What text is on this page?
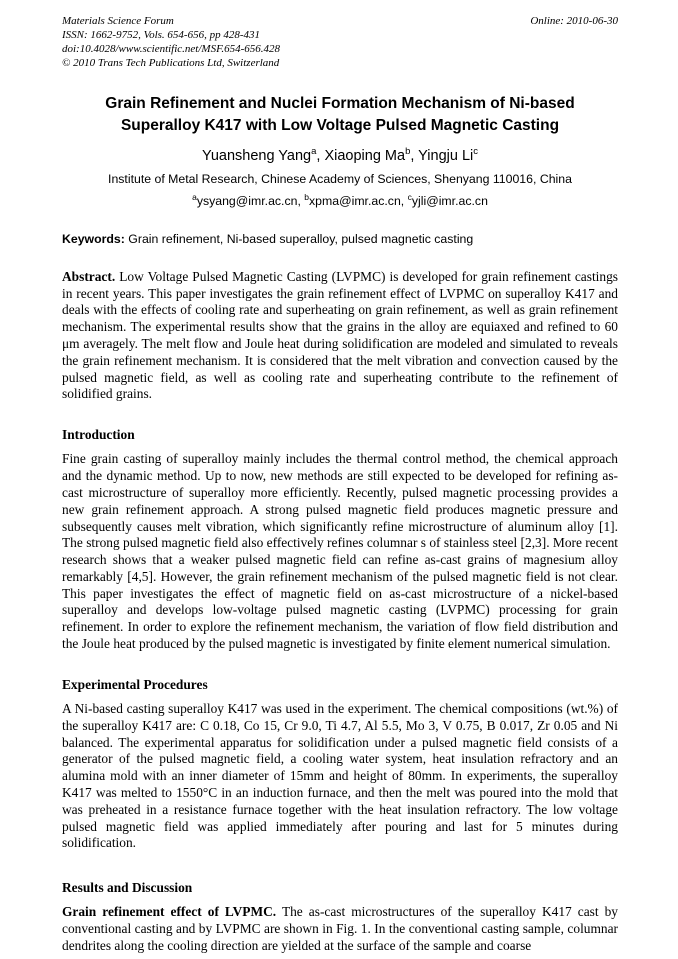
Materials Science Forum
ISSN: 1662-9752, Vols. 654-656, pp 428-431
doi:10.4028/www.scientific.net/MSF.654-656.428
© 2010 Trans Tech Publications Ltd, Switzerland
Online: 2010-06-30
Grain Refinement and Nuclei Formation Mechanism of Ni-based
Superalloy K417 with Low Voltage Pulsed Magnetic Casting
Yuansheng Yang$^a$, Xiaoping Ma$^b$, Yingju Li$^c$
Institute of Metal Research, Chinese Academy of Sciences, Shenyang 110016, China
$^a$ysyang@imr.ac.cn, $^b$xpma@imr.ac.cn, $^c$yjli@imr.ac.cn

Keywords: Grain refinement, Ni-based superalloy, pulsed magnetic casting

Abstract. Low Voltage Pulsed Magnetic Casting (LVPMC) is developed for grain refinement castings in recent years. This paper investigates the grain refinement effect of LVPMC on superalloy K417 and deals with the effects of cooling rate and superheating on grain refinement, as well as grain refinement mechanism. The experimental results show that the grains in the alloy are equiaxed and refined to 60 μm averagely. The melt flow and Joule heat during solidification are modeled and simulated to reveals the grain refinement mechanism. It is considered that the melt vibration and convection caused by the pulsed magnetic field, as well as cooling rate and superheating contribute to the refinement of solidified grains.

Introduction

Fine grain casting of superalloy mainly includes the thermal control method, the chemical approach and the dynamic method. Up to now, new methods are still expected to be developed for refining as-cast microstructure of superalloy more efficiently. Recently, pulsed magnetic processing provides a new grain refinement approach. A strong pulsed magnetic field produces magnetic pressure and subsequently causes melt vibration, which significantly refine microstructure of aluminum alloy [1]. The strong pulsed magnetic field also effectively refines columnar s of stainless steel [2,3]. More recent research shows that a weaker pulsed magnetic field can refine as-cast grains of magnesium alloy remarkably [4,5]. However, the grain refinement mechanism of the pulsed magnetic field is not clear. This paper investigates the effect of magnetic field on as-cast microstructure of a nickel-based superalloy and develops low-voltage pulsed magnetic casting (LVPMC) processing for grain refinement. In order to explore the refinement mechanism, the variation of flow field distribution and the Joule heat produced by the pulsed magnetic is investigated by finite element numerical simulation.

Experimental Procedures

A Ni-based casting superalloy K417 was used in the experiment. The chemical compositions (wt.%) of the superalloy K417 are: C 0.18, Co 15, Cr 9.0, Ti 4.7, Al 5.5, Mo 3, V 0.75, B 0.017, Zr 0.05 and Ni balanced. The experimental apparatus for solidification under a pulsed magnetic field consists of a generator of the pulsed magnetic field, a cooling water system, heat insulation refractory and an alumina mold with an inner diameter of 15mm and height of 80mm. In experiments, the superalloy K417 was melted to 1550°C in an induction furnace, and then the melt was poured into the mold that was preheated in a resistance furnace together with the heat insulation refractory. The low voltage pulsed magnetic field was applied immediately after pouring and last for 5 minutes during solidification.

Results and Discussion

Grain refinement effect of LVPMC. The as-cast microstructures of the superalloy K417 cast by conventional casting and by LVPMC are shown in Fig. 1. In the conventional casting sample, columnar dendrites along the cooling direction are yielded at the surface of the sample and coarse
